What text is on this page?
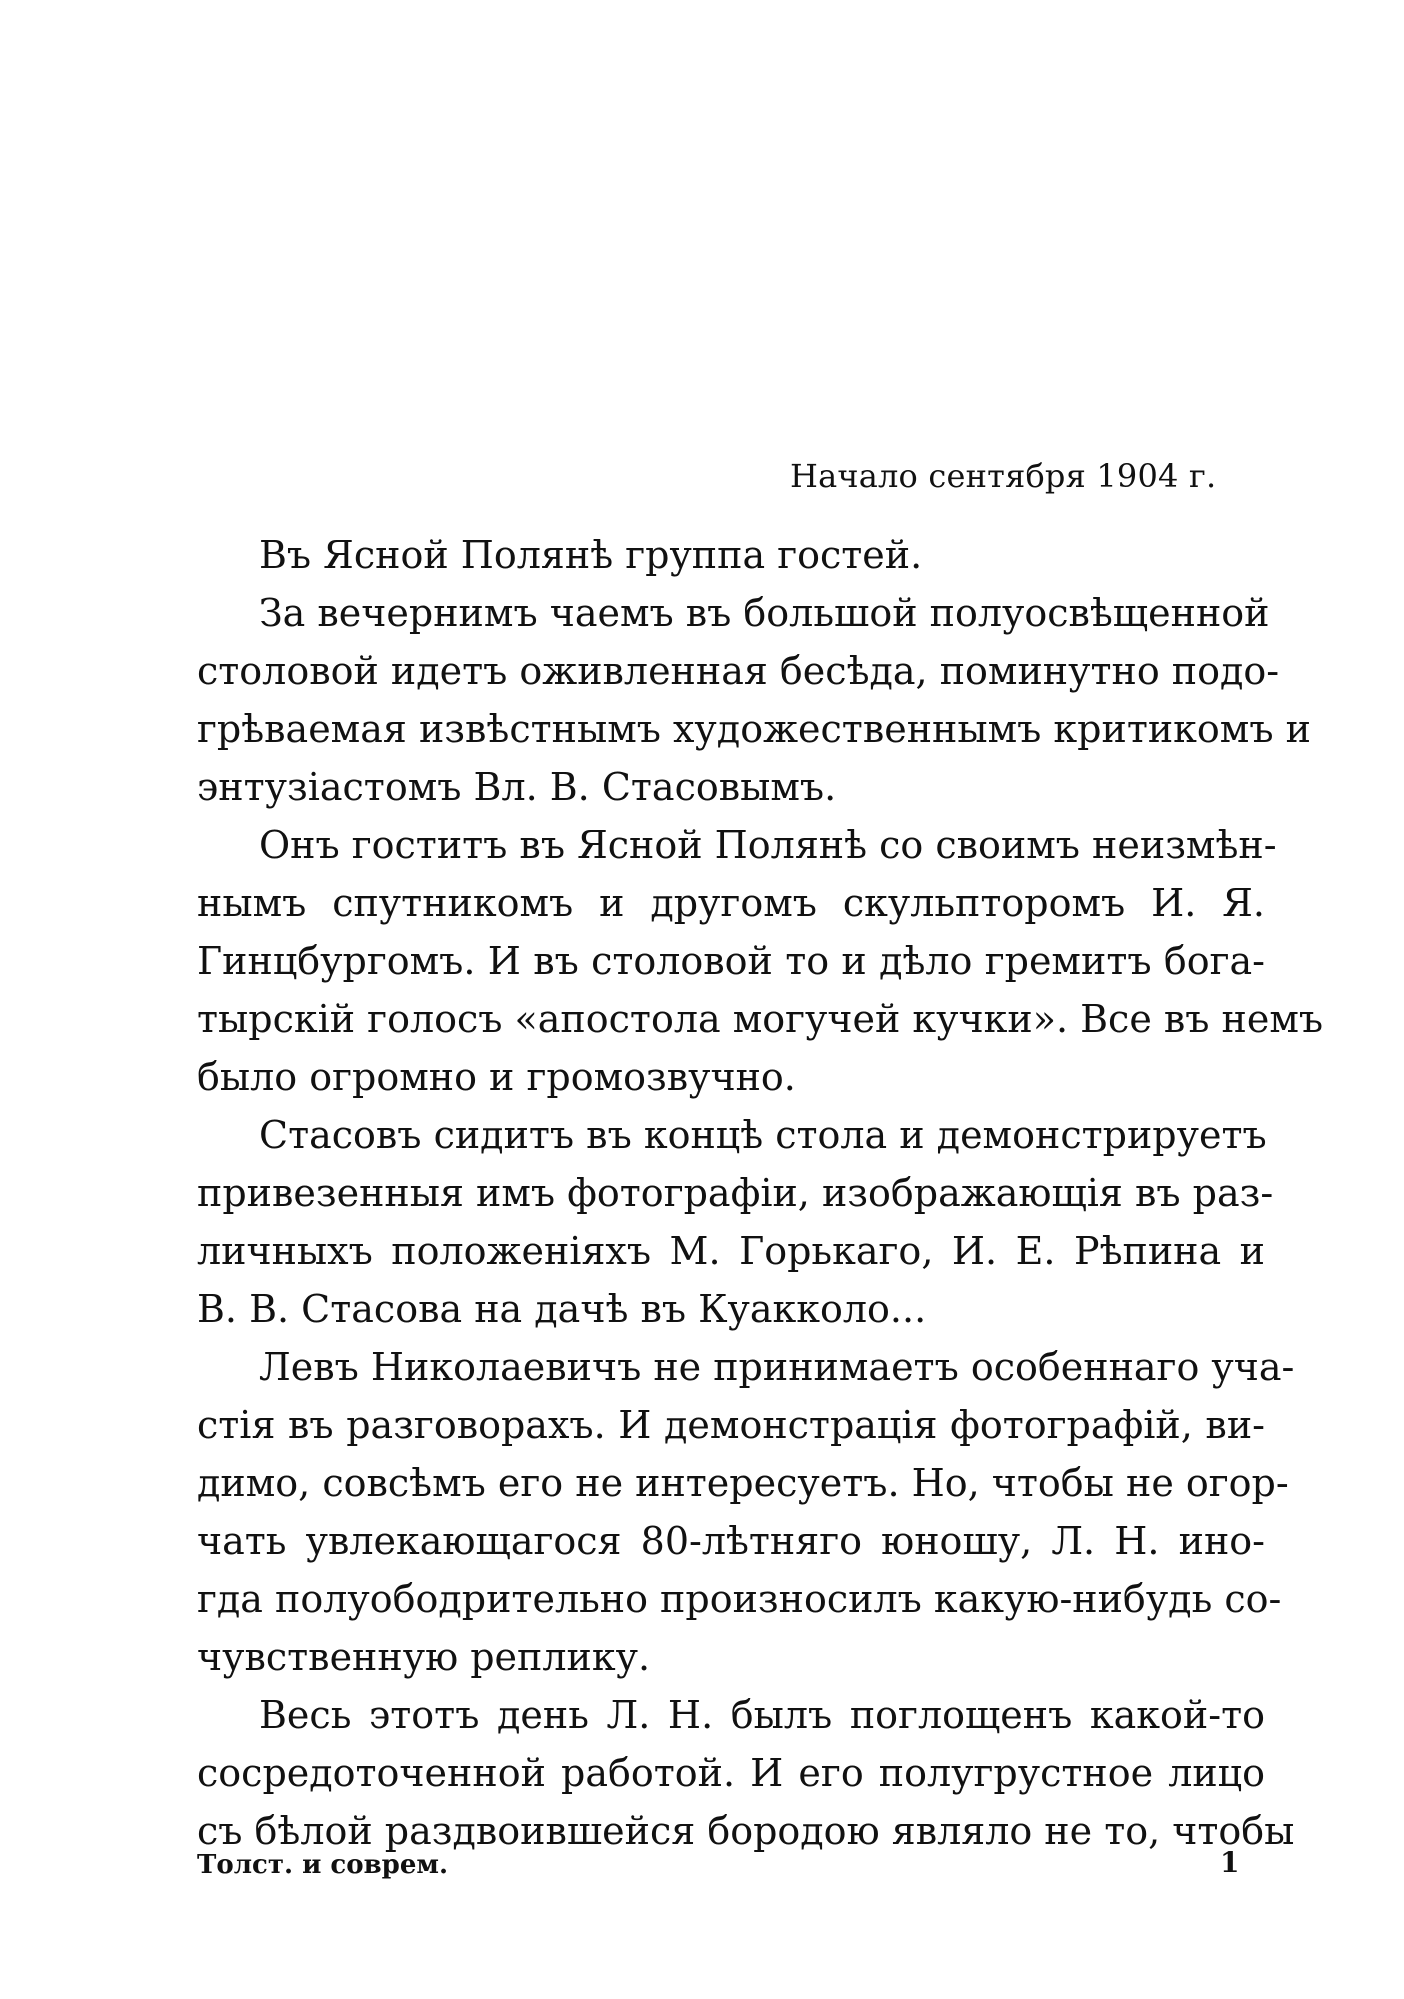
Начало сентября 1904 г.
Въ Ясной Полянѣ группа гостей.
За вечернимъ чаемъ въ большой полуосвѣщенной
столовой идетъ оживленная бесѣда, поминутно подо-
грѣваемая извѣстнымъ художественнымъ критикомъ и
энтузіастомъ Вл. В. Стасовымъ.
Онъ гоститъ въ Ясной Полянѣ со своимъ неизмѣн-
нымъ спутникомъ и другомъ скульпторомъ И. Я.
Гинцбургомъ. И въ столовой то и дѣло гремитъ бога-
тырскій голосъ «апостола могучей кучки». Все въ немъ
было огромно и громозвучно.
Стасовъ сидитъ въ концѣ стола и демонстрируетъ
привезенныя имъ фотографіи, изображающія въ раз-
личныхъ положеніяхъ М. Горькаго, И. Е. Рѣпина и
В. В. Стасова на дачѣ въ Куакколо...
Левъ Николаевичъ не принимаетъ особеннаго уча-
стія въ разговорахъ. И демонстрація фотографій, ви-
димо, совсѣмъ его не интересуетъ. Но, чтобы не огор-
чать увлекающагося 80-лѣтняго юношу, Л. Н. ино-
гда полуободрительно произносилъ какую-нибудь со-
чувственную реплику.
Весь этотъ день Л. Н. былъ поглощенъ какой-то
сосредоточенной работой. И его полугрустное лицо
съ бѣлой раздвоившейся бородою являло не то, чтобы
Толст. и соврем.	1
